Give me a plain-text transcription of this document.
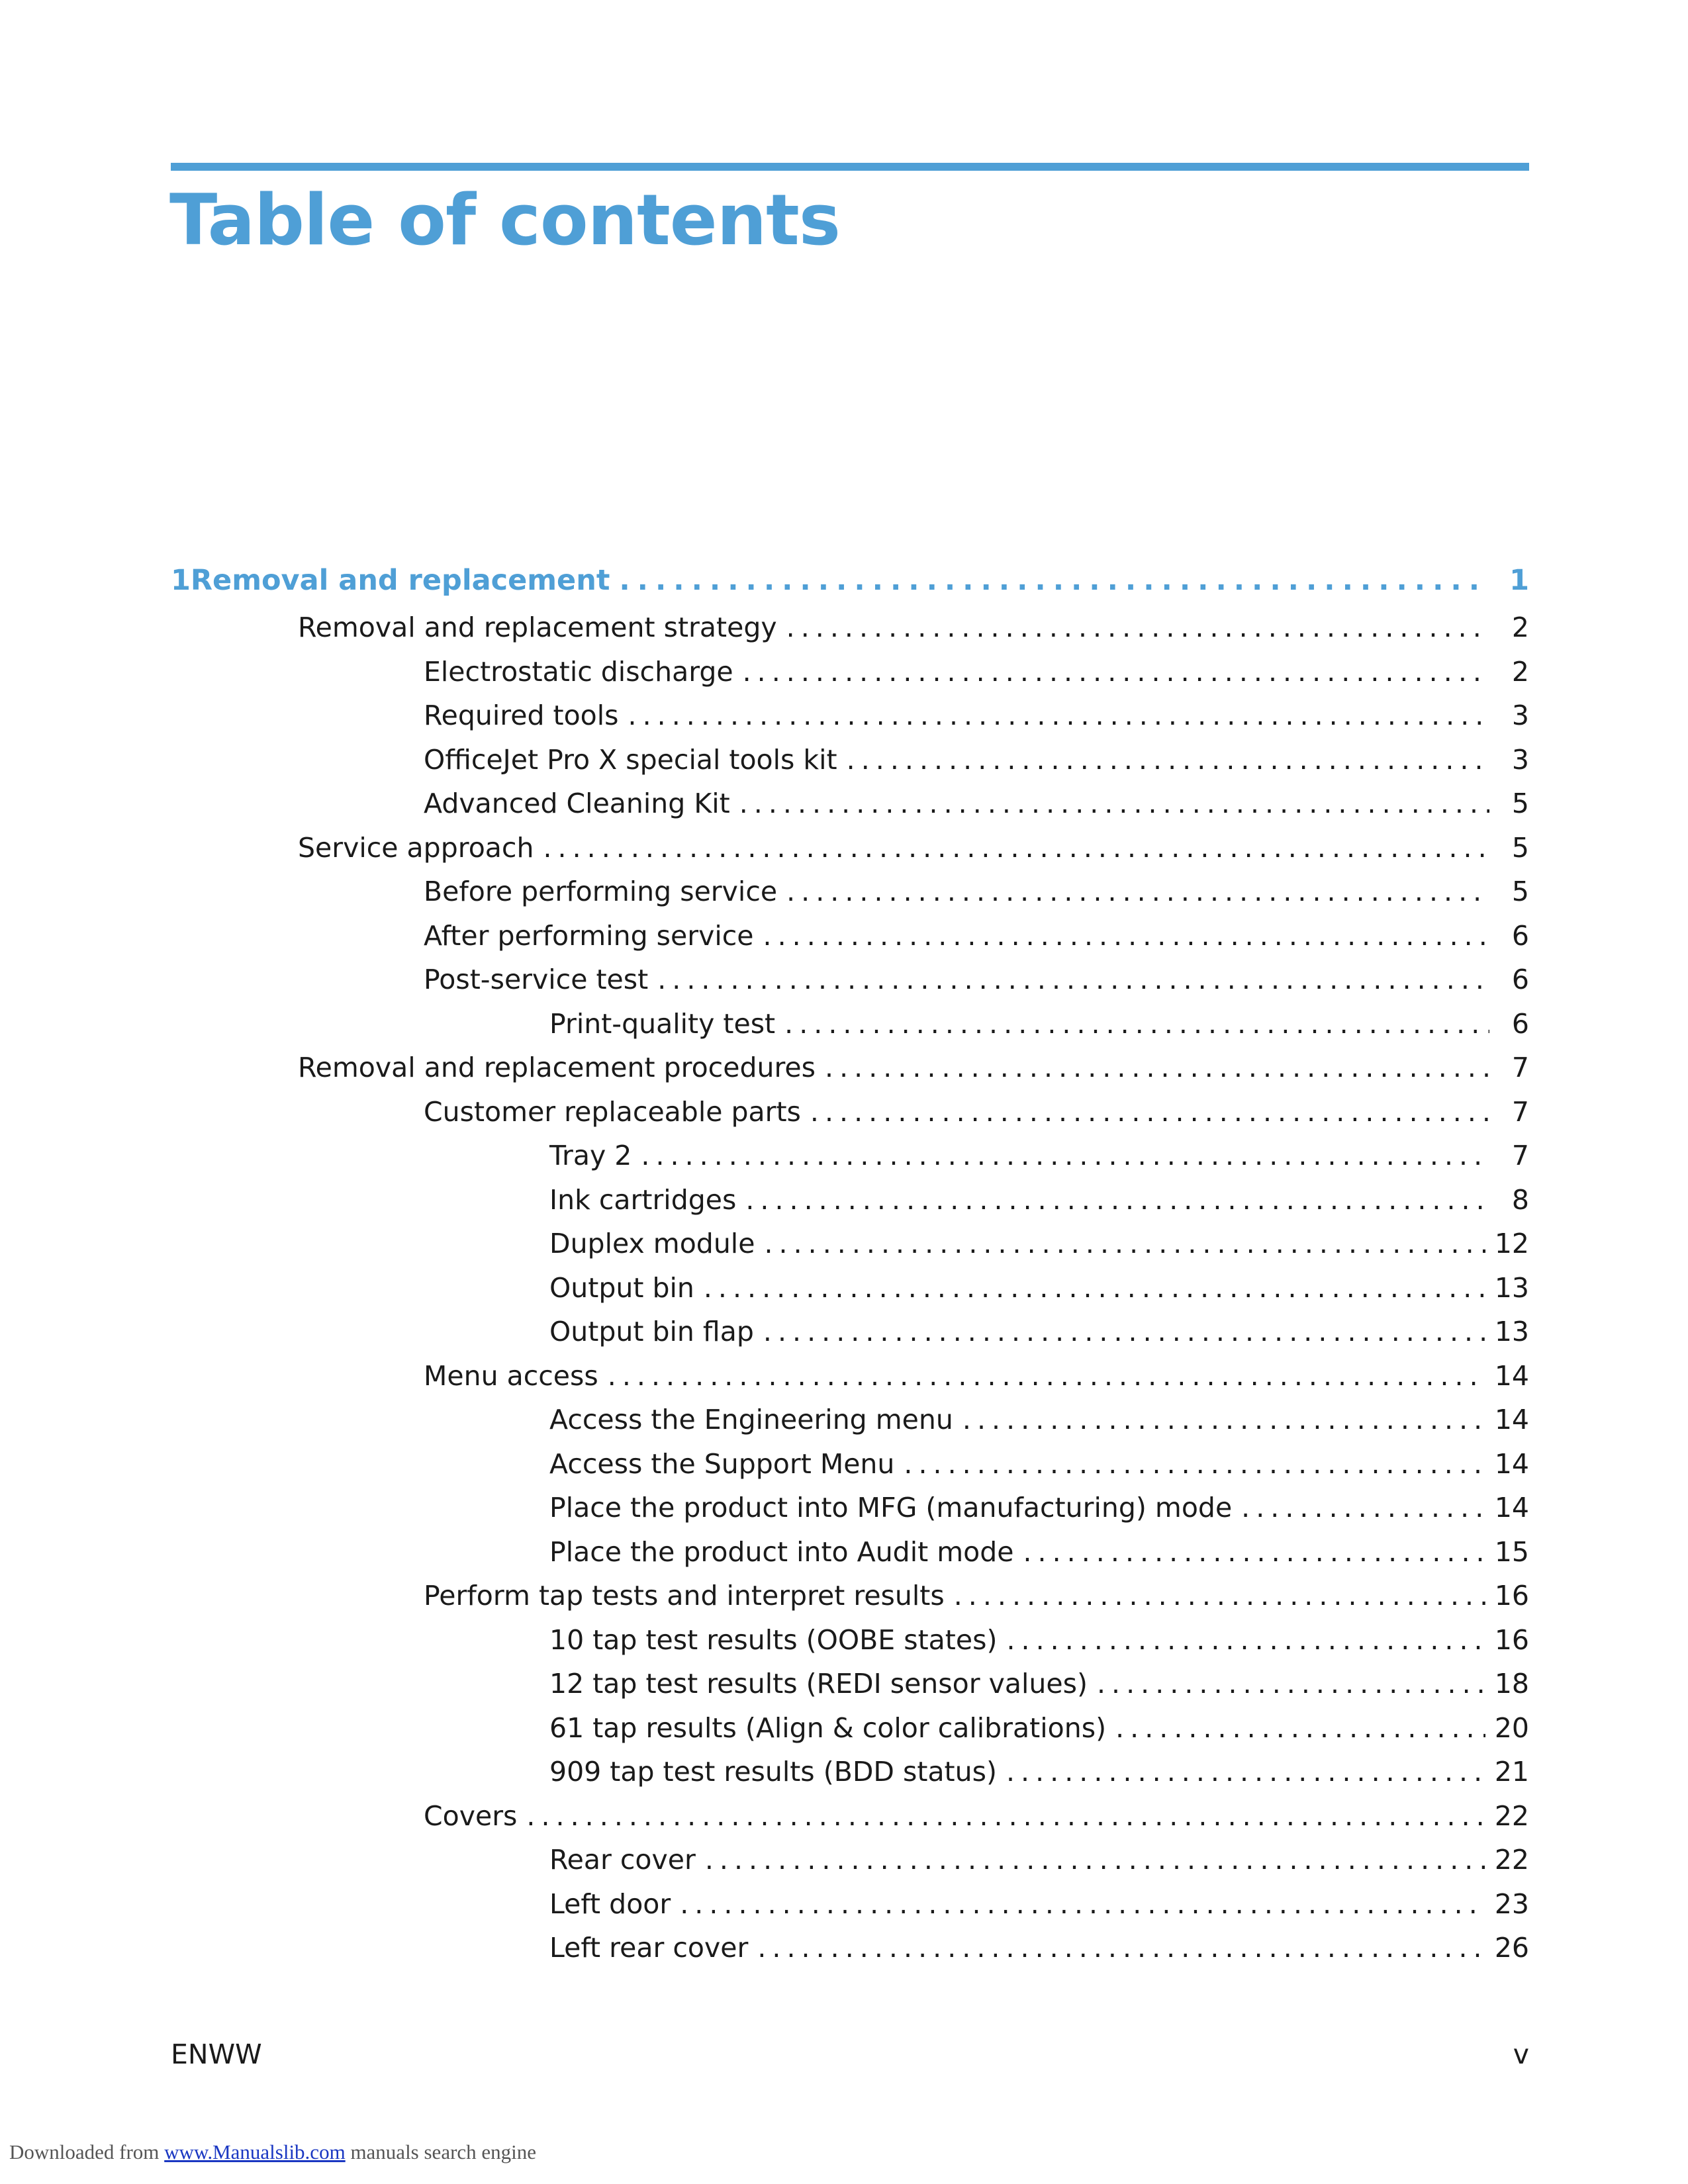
Table of contents
1 Removal and replacement . . .	1
Removal and replacement strategy . . .	2
Electrostatic discharge . . .	2
Required tools . . .	3
OfficeJet Pro X special tools kit . . .	3
Advanced Cleaning Kit . . .	5
Service approach . . .	5
Before performing service . . .	5
After performing service . . .	6
Post-service test . . .	6
Print-quality test . . .	6
Removal and replacement procedures . . .	7
Customer replaceable parts . . .	7
Tray 2 . . .	7
Ink cartridges . . .	8
Duplex module . . .	12
Output bin . . .	13
Output bin flap . . .	13
Menu access . . .	14
Access the Engineering menu . . .	14
Access the Support Menu . . .	14
Place the product into MFG (manufacturing) mode . . .	14
Place the product into Audit mode . . .	15
Perform tap tests and interpret results . . .	16
10 tap test results (OOBE states) . . .	16
12 tap test results (REDI sensor values) . . .	18
61 tap results (Align & color calibrations) . . .	20
909 tap test results (BDD status) . . .	21
Covers . . .	22
Rear cover . . .	22
Left door . . .	23
Left rear cover . . .	26
ENWW	v
Downloaded from www.Manualslib.com manuals search engine
